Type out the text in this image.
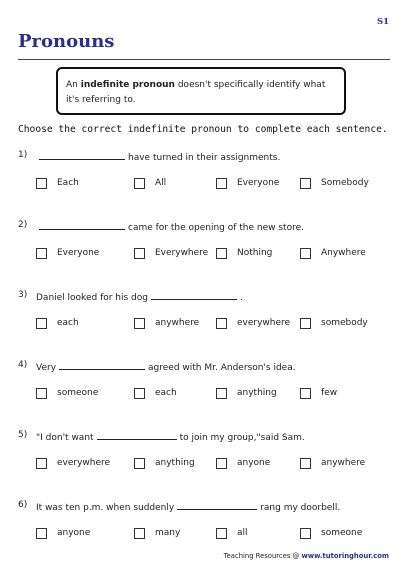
S1
Pronouns
An indefinite pronoun doesn't specifically identify what it's referring to.
Choose the correct indefinite pronoun to complete each sentence.
1)	have turned in their assignments.
Each	All	Everyone	Somebody
2)	came for the opening of the new store.
Everyone	Everywhere	Nothing	Anywhere
3) Daniel looked for his dog	.
each	anywhere	everywhere	somebody
4) Very	agreed with Mr. Anderson's idea.
someone	each	anything	few
5) "I don't want	to join my group,"said Sam.
everywhere	anything	anyone	anywhere
6) It was ten p.m. when suddenly	rang my doorbell.
anyone	many	all	someone
Teaching Resources @ www.tutoringhour.com
